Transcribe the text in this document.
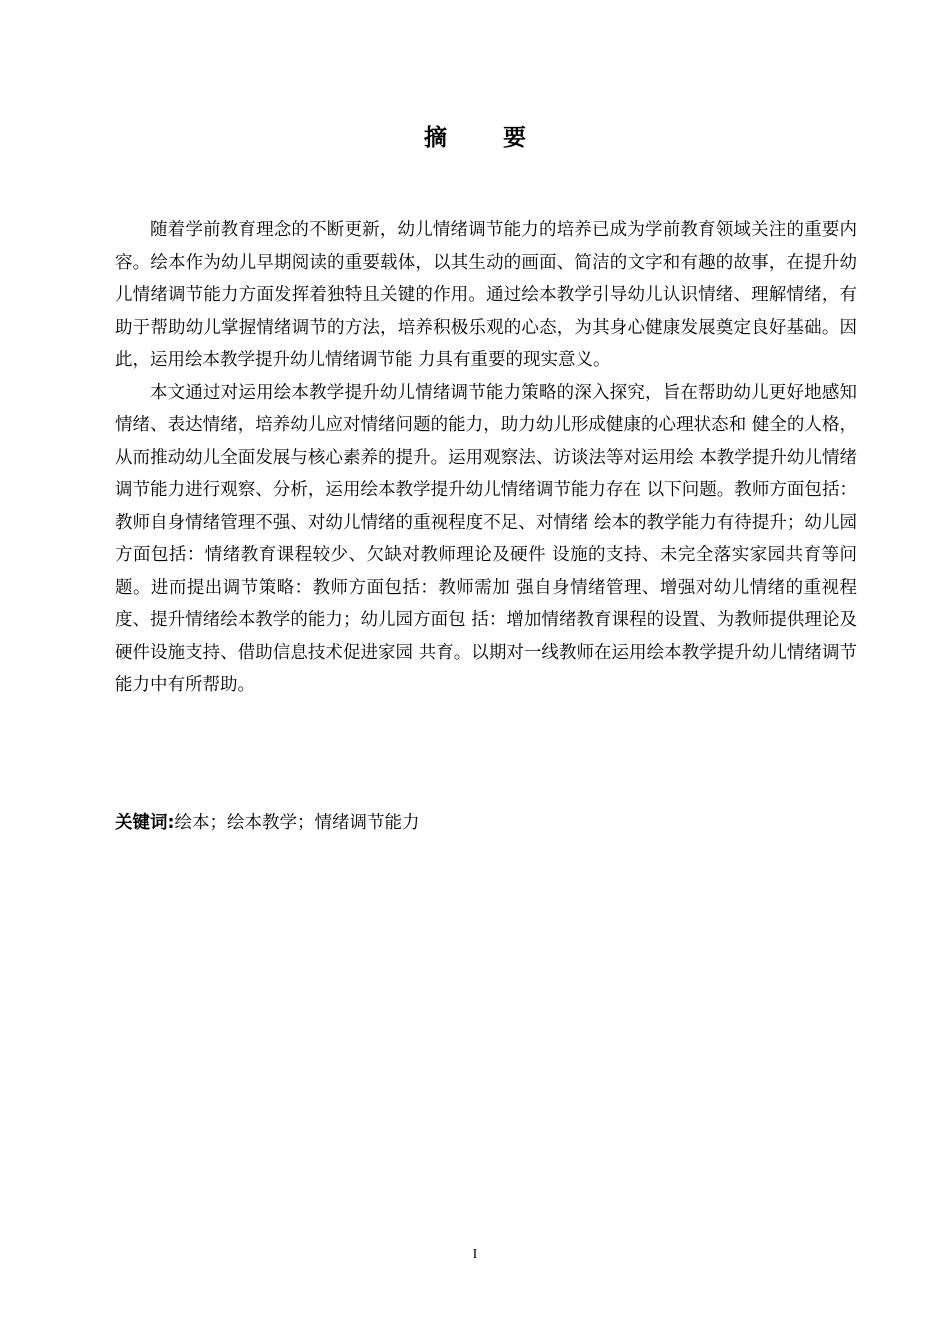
摘 要

随着学前教育理念的不断更新，幼儿情绪调节能力的培养已成为学前教育领域关注的重要内容。绘本作为幼儿早期阅读的重要载体，以其生动的画面、简洁的文字和有趣的故事，在提升幼儿情绪调节能力方面发挥着独特且关键的作用。通过绘本教学引导幼儿认识情绪、理解情绪，有助于帮助幼儿掌握情绪调节的方法，培养积极乐观的心态，为其身心健康发展奠定良好基础。因此，运用绘本教学提升幼儿情绪调节能 力具有重要的现实意义。

本文通过对运用绘本教学提升幼儿情绪调节能力策略的深入探究，旨在帮助幼儿更好地感知情绪、表达情绪，培养幼儿应对情绪问题的能力，助力幼儿形成健康的心理状态和 健全的人格，从而推动幼儿全面发展与核心素养的提升。运用观察法、访谈法等对运用绘 本教学提升幼儿情绪调节能力进行观察、分析，运用绘本教学提升幼儿情绪调节能力存在 以下问题。教师方面包括：教师自身情绪管理不强、对幼儿情绪的重视程度不足、对情绪 绘本的教学能力有待提升；幼儿园方面包括：情绪教育课程较少、欠缺对教师理论及硬件 设施的支持、未完全落实家园共育等问题。进而提出调节策略：教师方面包括：教师需加 强自身情绪管理、增强对幼儿情绪的重视程度、提升情绪绘本教学的能力；幼儿园方面包 括：增加情绪教育课程的设置、为教师提供理论及硬件设施支持、借助信息技术促进家园 共育。以期对一线教师在运用绘本教学提升幼儿情绪调节能力中有所帮助。

关键词:绘本；绘本教学；情绪调节能力
I
